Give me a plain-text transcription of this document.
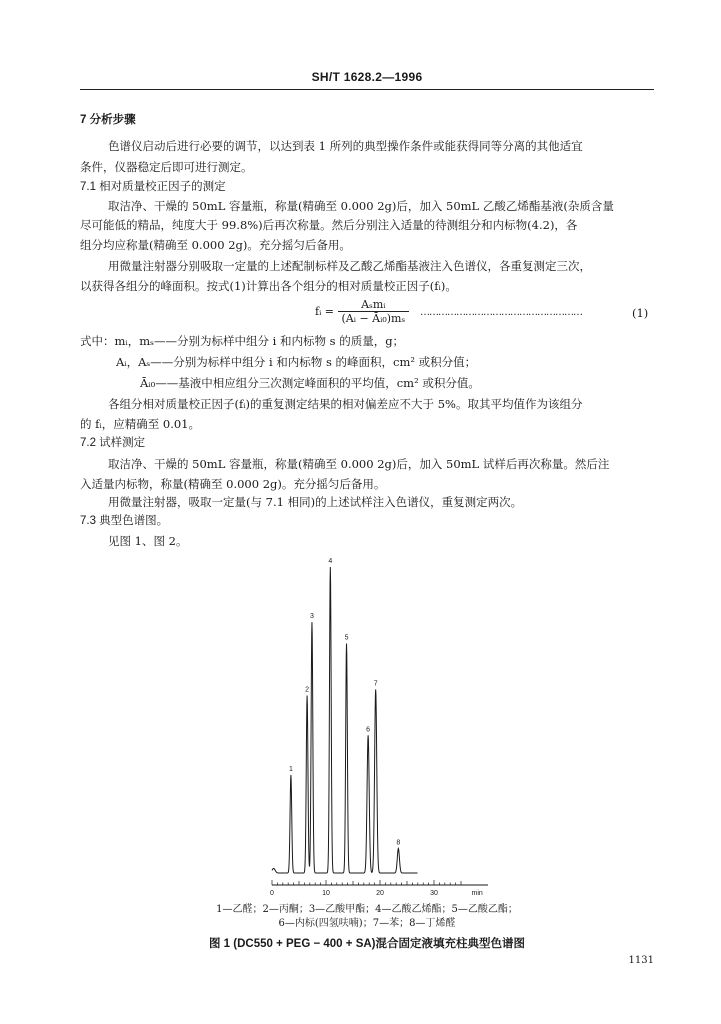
SH/T 1628.2—1996
7 分析步骤
色谱仪启动后进行必要的调节，以达到表 1 所列的典型操作条件或能获得同等分离的其他适宜
条件，仪器稳定后即可进行测定。
7.1 相对质量校正因子的测定
取洁净、干燥的 50mL 容量瓶，称量(精确至 0.000 2g)后，加入 50mL 乙酸乙烯酯基液(杂质含量
尽可能低的精品，纯度大于 99.8%)后再次称量。然后分别注入适量的待测组分和内标物(4.2)，各
组分均应称量(精确至 0.000 2g)。充分摇匀后备用。
用微量注射器分别吸取一定量的上述配制标样及乙酸乙烯酯基液注入色谱仪，各重复测定三次，
以获得各组分的峰面积。按式(1)计算出各个组分的相对质量校正因子(fᵢ)。
fᵢ = $\frac{\text{Aₛmᵢ}}{\text{(Aᵢ − Āᵢ₀)mₛ}}$ ………………………………………………	(1)
式中：mᵢ，mₛ——分别为标样中组分 i 和内标物 s 的质量，g；
Aᵢ，Aₛ——分别为标样中组分 i 和内标物 s 的峰面积，cm² 或积分值；
Āᵢ₀——基液中相应组分三次测定峰面积的平均值，cm² 或积分值。
各组分相对质量校正因子(fᵢ)的重复测定结果的相对偏差应不大于 5%。取其平均值作为该组分
的 fᵢ，应精确至 0.01。
7.2 试样测定
取洁净、干燥的 50mL 容量瓶，称量(精确至 0.000 2g)后，加入 50mL 试样后再次称量。然后注
入适量内标物，称量(精确至 0.000 2g)。充分摇匀后备用。
用微量注射器，吸取一定量(与 7.1 相同)的上述试样注入色谱仪，重复测定两次。
7.3 典型色谱图。
见图 1、图 2。
1
2
3
4
5
6
7
8
0	10	20	30	min
1—乙醛；2—丙酮；3—乙酸甲酯；4—乙酸乙烯酯；5—乙酸乙酯；
6—内标(四氢呋喃)；7—苯；8—丁烯醛
图 1 (DC550 + PEG − 400 + SA)混合固定液填充柱典型色谱图
1131
